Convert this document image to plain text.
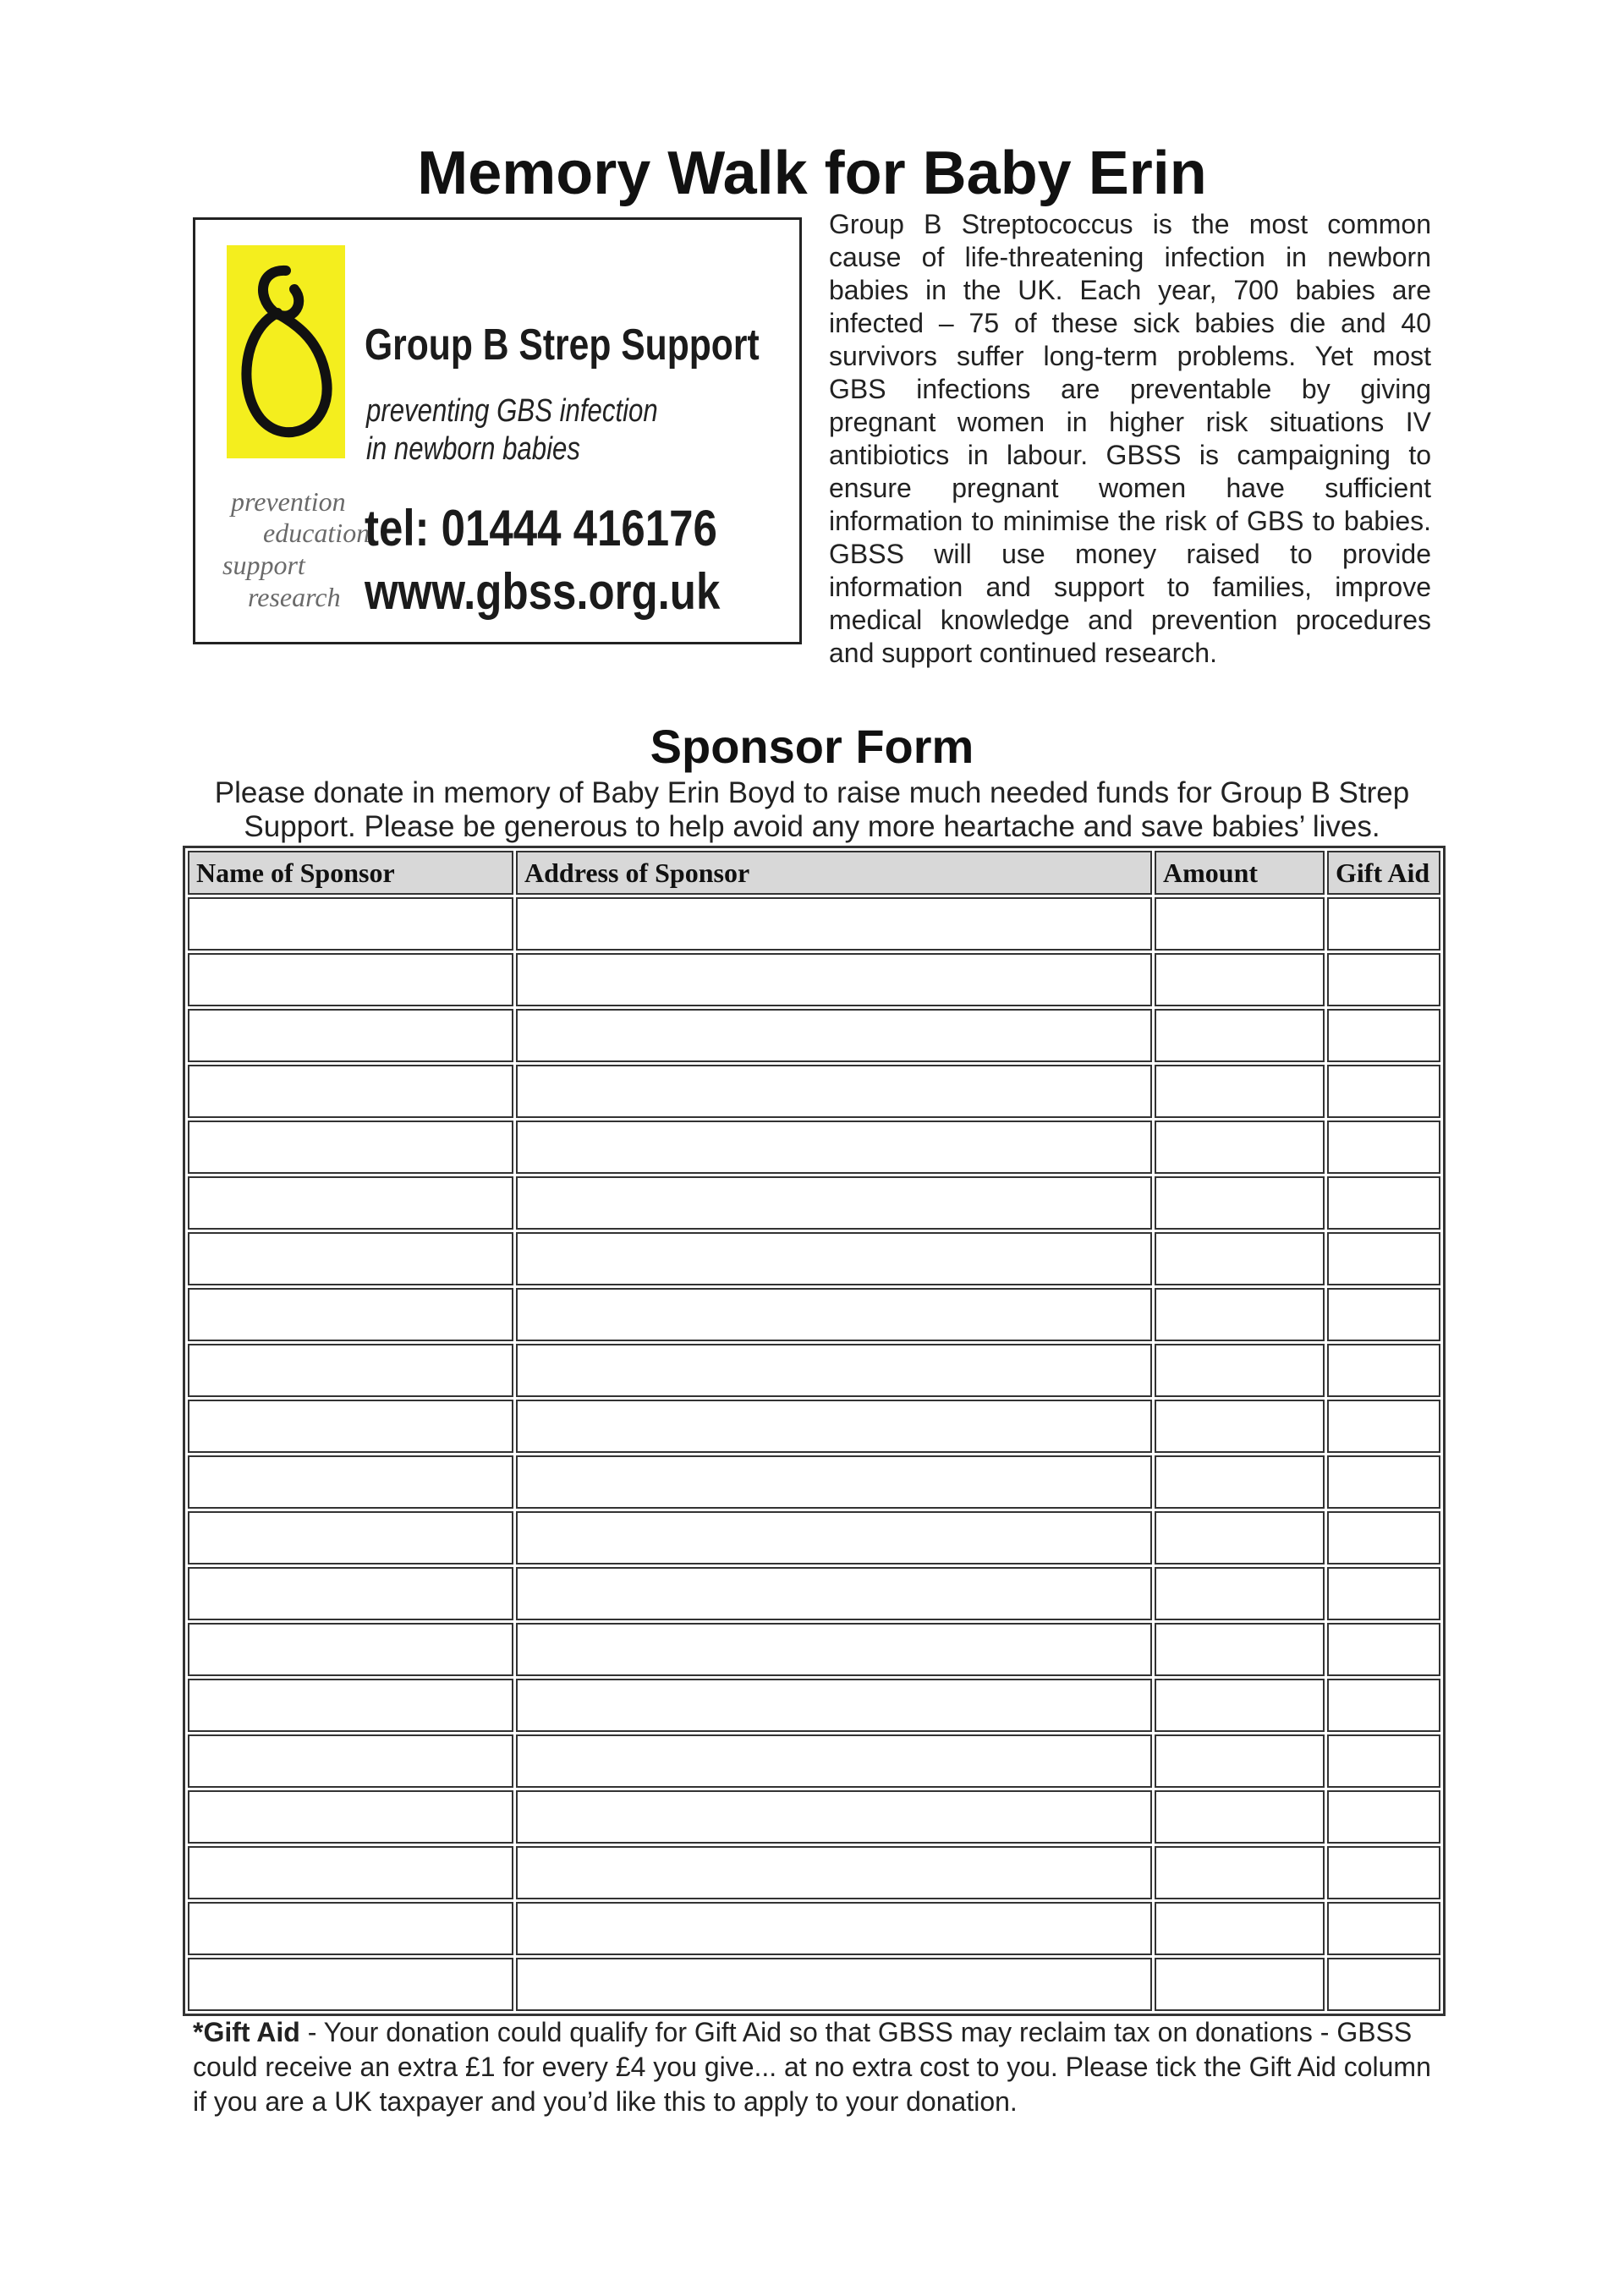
Memory Walk for Baby Erin
Group B Strep Support
preventing GBS infection
in newborn babies
prevention
education
support
research
tel: 01444 416176
www.gbss.org.uk

Group B Streptococcus is the most common cause of life-threatening infection in newborn babies in the UK. Each year, 700 babies are infected – 75 of these sick babies die and 40 survivors suffer long-term problems. Yet most GBS infections are preventable by giving pregnant women in higher risk situations IV antibiotics in labour. GBSS is campaigning to ensure pregnant women have sufficient information to minimise the risk of GBS to babies. GBSS will use money raised to provide information and support to families, improve medical knowledge and prevention procedures and support continued research.

Sponsor Form

Please donate in memory of Baby Erin Boyd to raise much needed funds for Group B Strep Support. Please be generous to help avoid any more heartache and save babies’ lives.

Name of Sponsor	Address of Sponsor	Amount	Gift Aid

*Gift Aid - Your donation could qualify for Gift Aid so that GBSS may reclaim tax on donations - GBSS could receive an extra £1 for every £4 you give... at no extra cost to you. Please tick the Gift Aid column if you are a UK taxpayer and you’d like this to apply to your donation.
